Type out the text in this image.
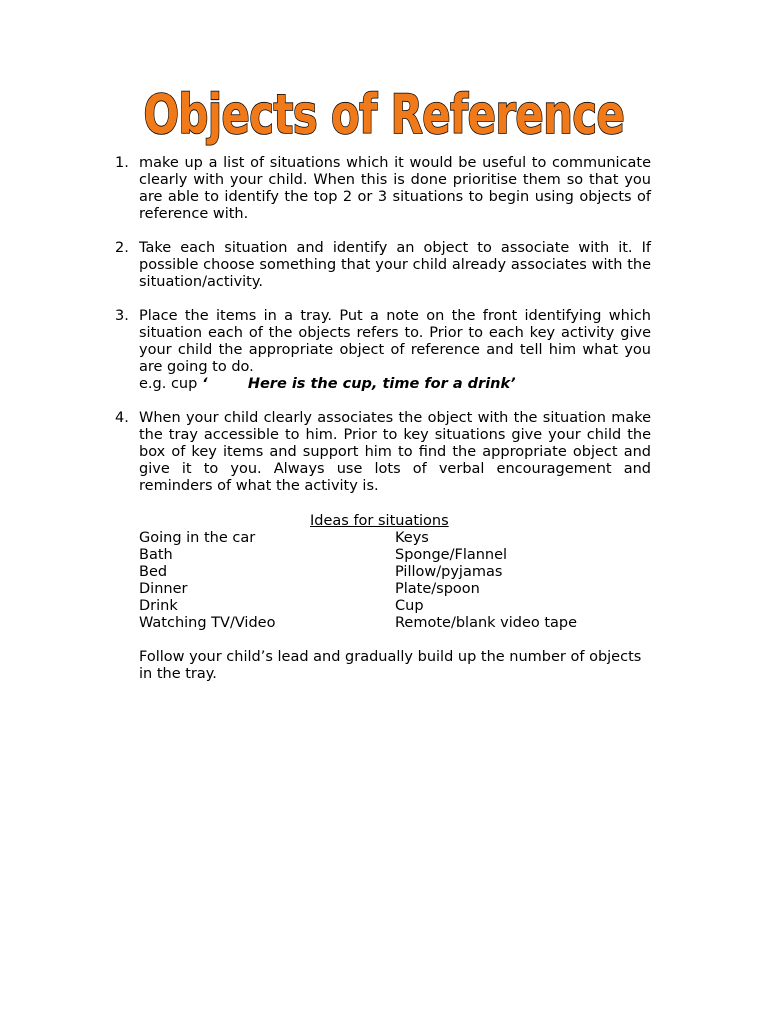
Objects of Reference
1. make up a list of situations which it would be useful to communicate clearly with your child. When this is done prioritise them so that you are able to identify the top 2 or 3 situations to begin using objects of reference with.
2. Take each situation and identify an object to associate with it. If possible choose something that your child already associates with the situation/activity.
3. Place the items in a tray. Put a note on the front identifying which situation each of the objects refers to. Prior to each key activity give your child the appropriate object of reference and tell him what you are going to do.
e.g. cup ‘        Here is the cup, time for a drink’
4. When your child clearly associates the object with the situation make the tray accessible to him. Prior to key situations give your child the box of key items and support him to find the appropriate object and give it to you. Always use lots of verbal encouragement and reminders of what the activity is.
Ideas for situations
Going in the car	Keys
Bath	Sponge/Flannel
Bed	Pillow/pyjamas
Dinner	Plate/spoon
Drink	Cup
Watching TV/Video	Remote/blank video tape
Follow your child’s lead and gradually build up the number of objects in the tray.
